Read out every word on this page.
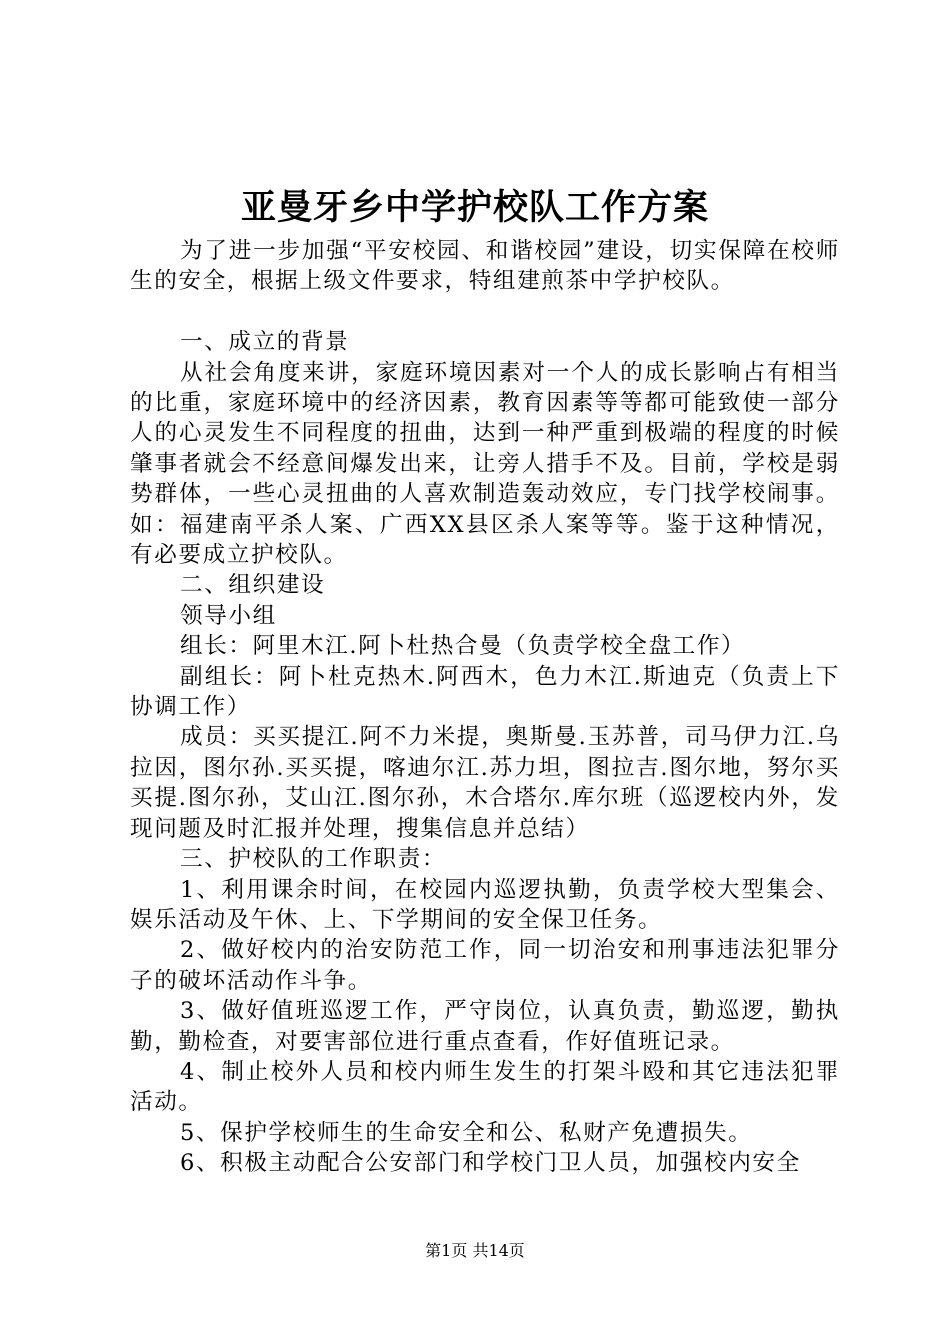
亚曼牙乡中学护校队工作方案

为了进一步加强“平安校园、和谐校园”建设，切实保障在校师生的安全，根据上级文件要求，特组建煎茶中学护校队。

一、成立的背景

从社会角度来讲，家庭环境因素对一个人的成长影响占有相当的比重，家庭环境中的经济因素，教育因素等等都可能致使一部分人的心灵发生不同程度的扭曲，达到一种严重到极端的程度的时候肇事者就会不经意间爆发出来，让旁人措手不及。目前，学校是弱势群体，一些心灵扭曲的人喜欢制造轰动效应，专门找学校闹事。如：福建南平杀人案、广西XX县区杀人案等等。鉴于这种情况，有必要成立护校队。

二、组织建设

领导小组

组长：阿里木江.阿卜杜热合曼（负责学校全盘工作）

副组长：阿卜杜克热木.阿西木，色力木江.斯迪克（负责上下协调工作）

成员：买买提江.阿不力米提，奥斯曼.玉苏普，司马伊力江.乌拉因，图尔孙.买买提，喀迪尔江.苏力坦，图拉吉.图尔地，努尔买买提.图尔孙，艾山江.图尔孙，木合塔尔.库尔班（巡逻校内外，发现问题及时汇报并处理，搜集信息并总结）

三、护校队的工作职责：

1、利用课余时间，在校园内巡逻执勤，负责学校大型集会、娱乐活动及午休、上、下学期间的安全保卫任务。

2、做好校内的治安防范工作，同一切治安和刑事违法犯罪分子的破坏活动作斗争。

3、做好值班巡逻工作，严守岗位，认真负责，勤巡逻，勤执勤，勤检查，对要害部位进行重点查看，作好值班记录。

4、制止校外人员和校内师生发生的打架斗殴和其它违法犯罪活动。

5、保护学校师生的生命安全和公、私财产免遭损失。

6、积极主动配合公安部门和学校门卫人员，加强校内安全

第1页 共14页
